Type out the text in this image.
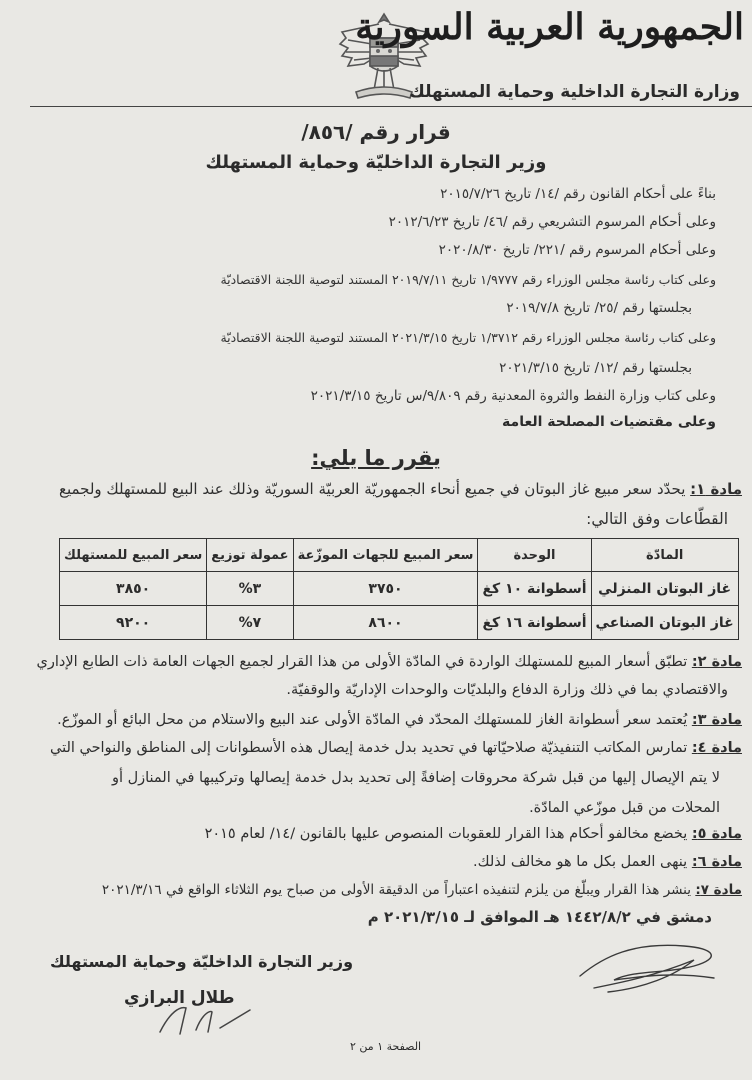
الجمهورية العربية السورية
وزارة التجارة الداخلية وحماية المستهلك
قرار رقم /٨٥٦/
وزير التجارة الداخليّة وحماية المستهلك
بناءً على أحكام القانون رقم /١٤/ تاريخ ٢٠١٥/٧/٢٦
وعلى أحكام المرسوم التشريعي رقم /٤٦/ تاريخ ٢٠١٢/٦/٢٣
وعلى أحكام المرسوم رقم /٢٢١/ تاريخ ٢٠٢٠/٨/٣٠
وعلى كتاب رئاسة مجلس الوزراء رقم ١/٩٧٧٧ تاريخ ٢٠١٩/٧/١١ المستند لتوصية اللجنة الاقتصاديّة
بجلستها رقم /٢٥/ تاريخ ٢٠١٩/٧/٨
وعلى كتاب رئاسة مجلس الوزراء رقم ١/٣٧١٢ تاريخ ٢٠٢١/٣/١٥ المستند لتوصية اللجنة الاقتصاديّة
بجلستها رقم /١٢/ تاريخ ٢٠٢١/٣/١٥
وعلى كتاب وزارة النفط والثروة المعدنية رقم ٩/٨٠٩/س تاريخ ٢٠٢١/٣/١٥
وعلى مقتضيات المصلحة العامة
يقرر ما يلي:
مادة ١: يحدّد سعر مبيع غاز البوتان في جميع أنحاء الجمهوريّة العربيّة السوريّة وذلك عند البيع للمستهلك ولجميع
القطّاعات وفق التالي:
المادّة	الوحدة	سعر المبيع للجهات الموزّعة	عمولة توزيع	سعر المبيع للمستهلك
غاز البوتان المنزلي	أسطوانة ١٠ كغ	٣٧٥٠	٣%	٣٨٥٠
غاز البوتان الصناعي	أسطوانة ١٦ كغ	٨٦٠٠	٧%	٩٢٠٠
مادة ٢: تطبّق أسعار المبيع للمستهلك الواردة في المادّة الأولى من هذا القرار لجميع الجهات العامة ذات الطابع الإداري
والاقتصادي بما في ذلك وزارة الدفاع والبلديّات والوحدات الإداريّة والوقفيّة.
مادة ٣: يُعتمد سعر أسطوانة الغاز للمستهلك المحدّد في المادّة الأولى عند البيع والاستلام من محل البائع أو الموزّع.
مادة ٤: تمارس المكاتب التنفيذيّة صلاحيّاتها في تحديد بدل خدمة إيصال هذه الأسطوانات إلى المناطق والنواحي التي
لا يتم الإيصال إليها من قبل شركة محروقات إضافةً إلى تحديد بدل خدمة إيصالها وتركيبها في المنازل أو
المحلات من قبل موزّعي المادّة.
مادة ٥: يخضع مخالفو أحكام هذا القرار للعقوبات المنصوص عليها بالقانون /١٤/ لعام ٢٠١٥
مادة ٦: ينهى العمل بكل ما هو مخالف لذلك.
مادة ٧: ينشر هذا القرار ويبلّغ من يلزم لتنفيذه اعتباراً من الدقيقة الأولى من صباح يوم الثلاثاء الواقع في ٢٠٢١/٣/١٦
دمشق في ١٤٤٢/٨/٢ هـ الموافق لـ ٢٠٢١/٣/١٥ م
وزير التجارة الداخليّة وحماية المستهلك
طلال البرازي
الصفحة ١ من ٢
